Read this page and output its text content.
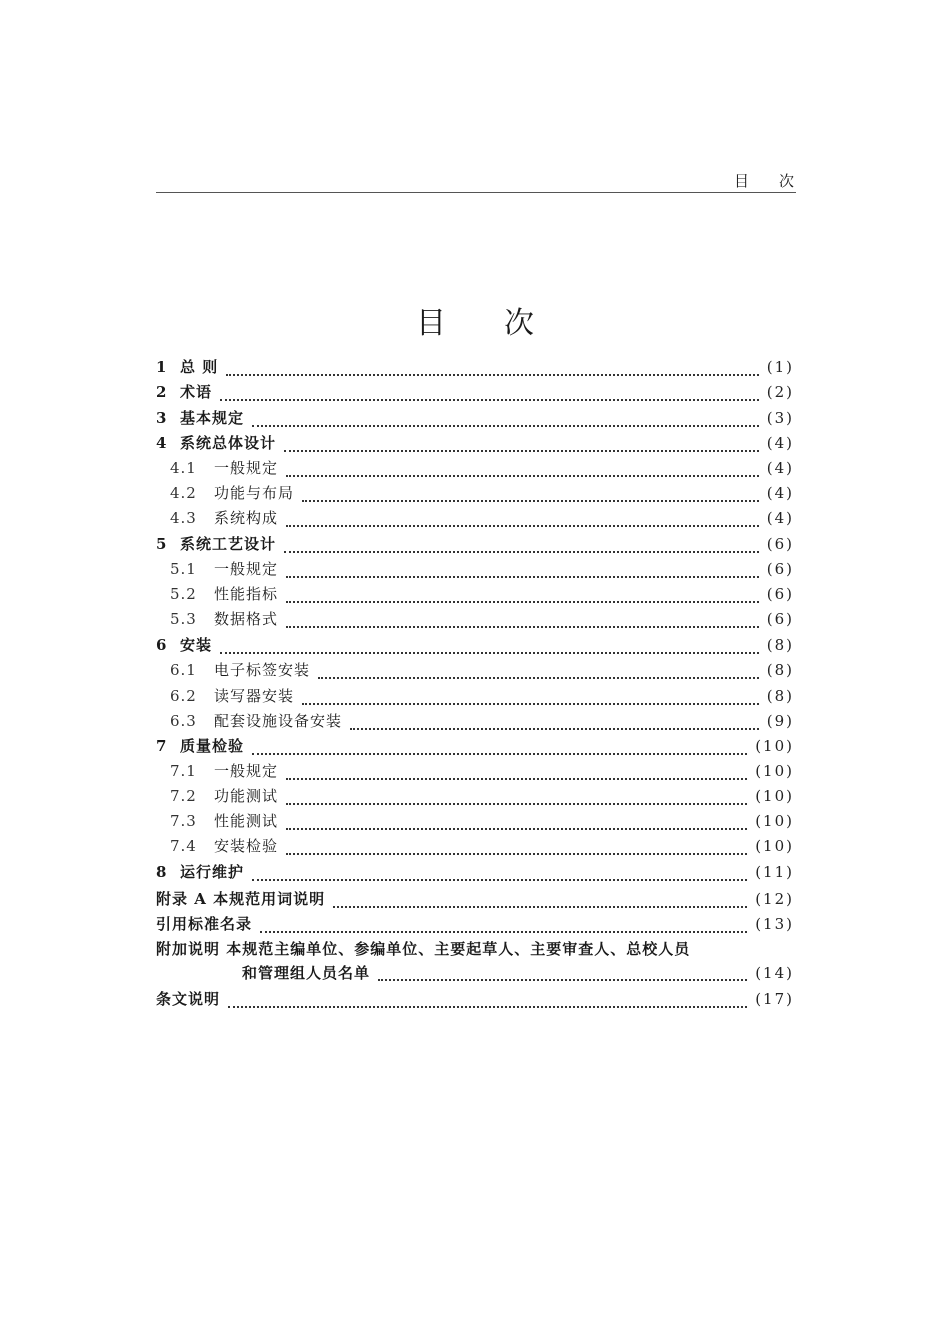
目次
目次
1 总 则	(1)
2 术语	(2)
3 基本规定	(3)
4 系统总体设计	(4)
4.1	一般规定	(4)
4.2	功能与布局	(4)
4.3	系统构成	(4)
5 系统工艺设计	(6)
5.1	一般规定	(6)
5.2	性能指标	(6)
5.3	数据格式	(6)
6 安装	(8)
6.1	电子标签安装	(8)
6.2	读写器安装	(8)
6.3	配套设施设备安装	(9)
7 质量检验	(10)
7.1	一般规定	(10)
7.2	功能测试	(10)
7.3	性能测试	(10)
7.4	安装检验	(10)
8 运行维护	(11)
附录 A 本规范用词说明	(12)
引用标准名录	(13)
附加说明 本规范主编单位、参编单位、主要起草人、主要审查人、总校人员
和管理组人员名单	(14)
条文说明	(17)
